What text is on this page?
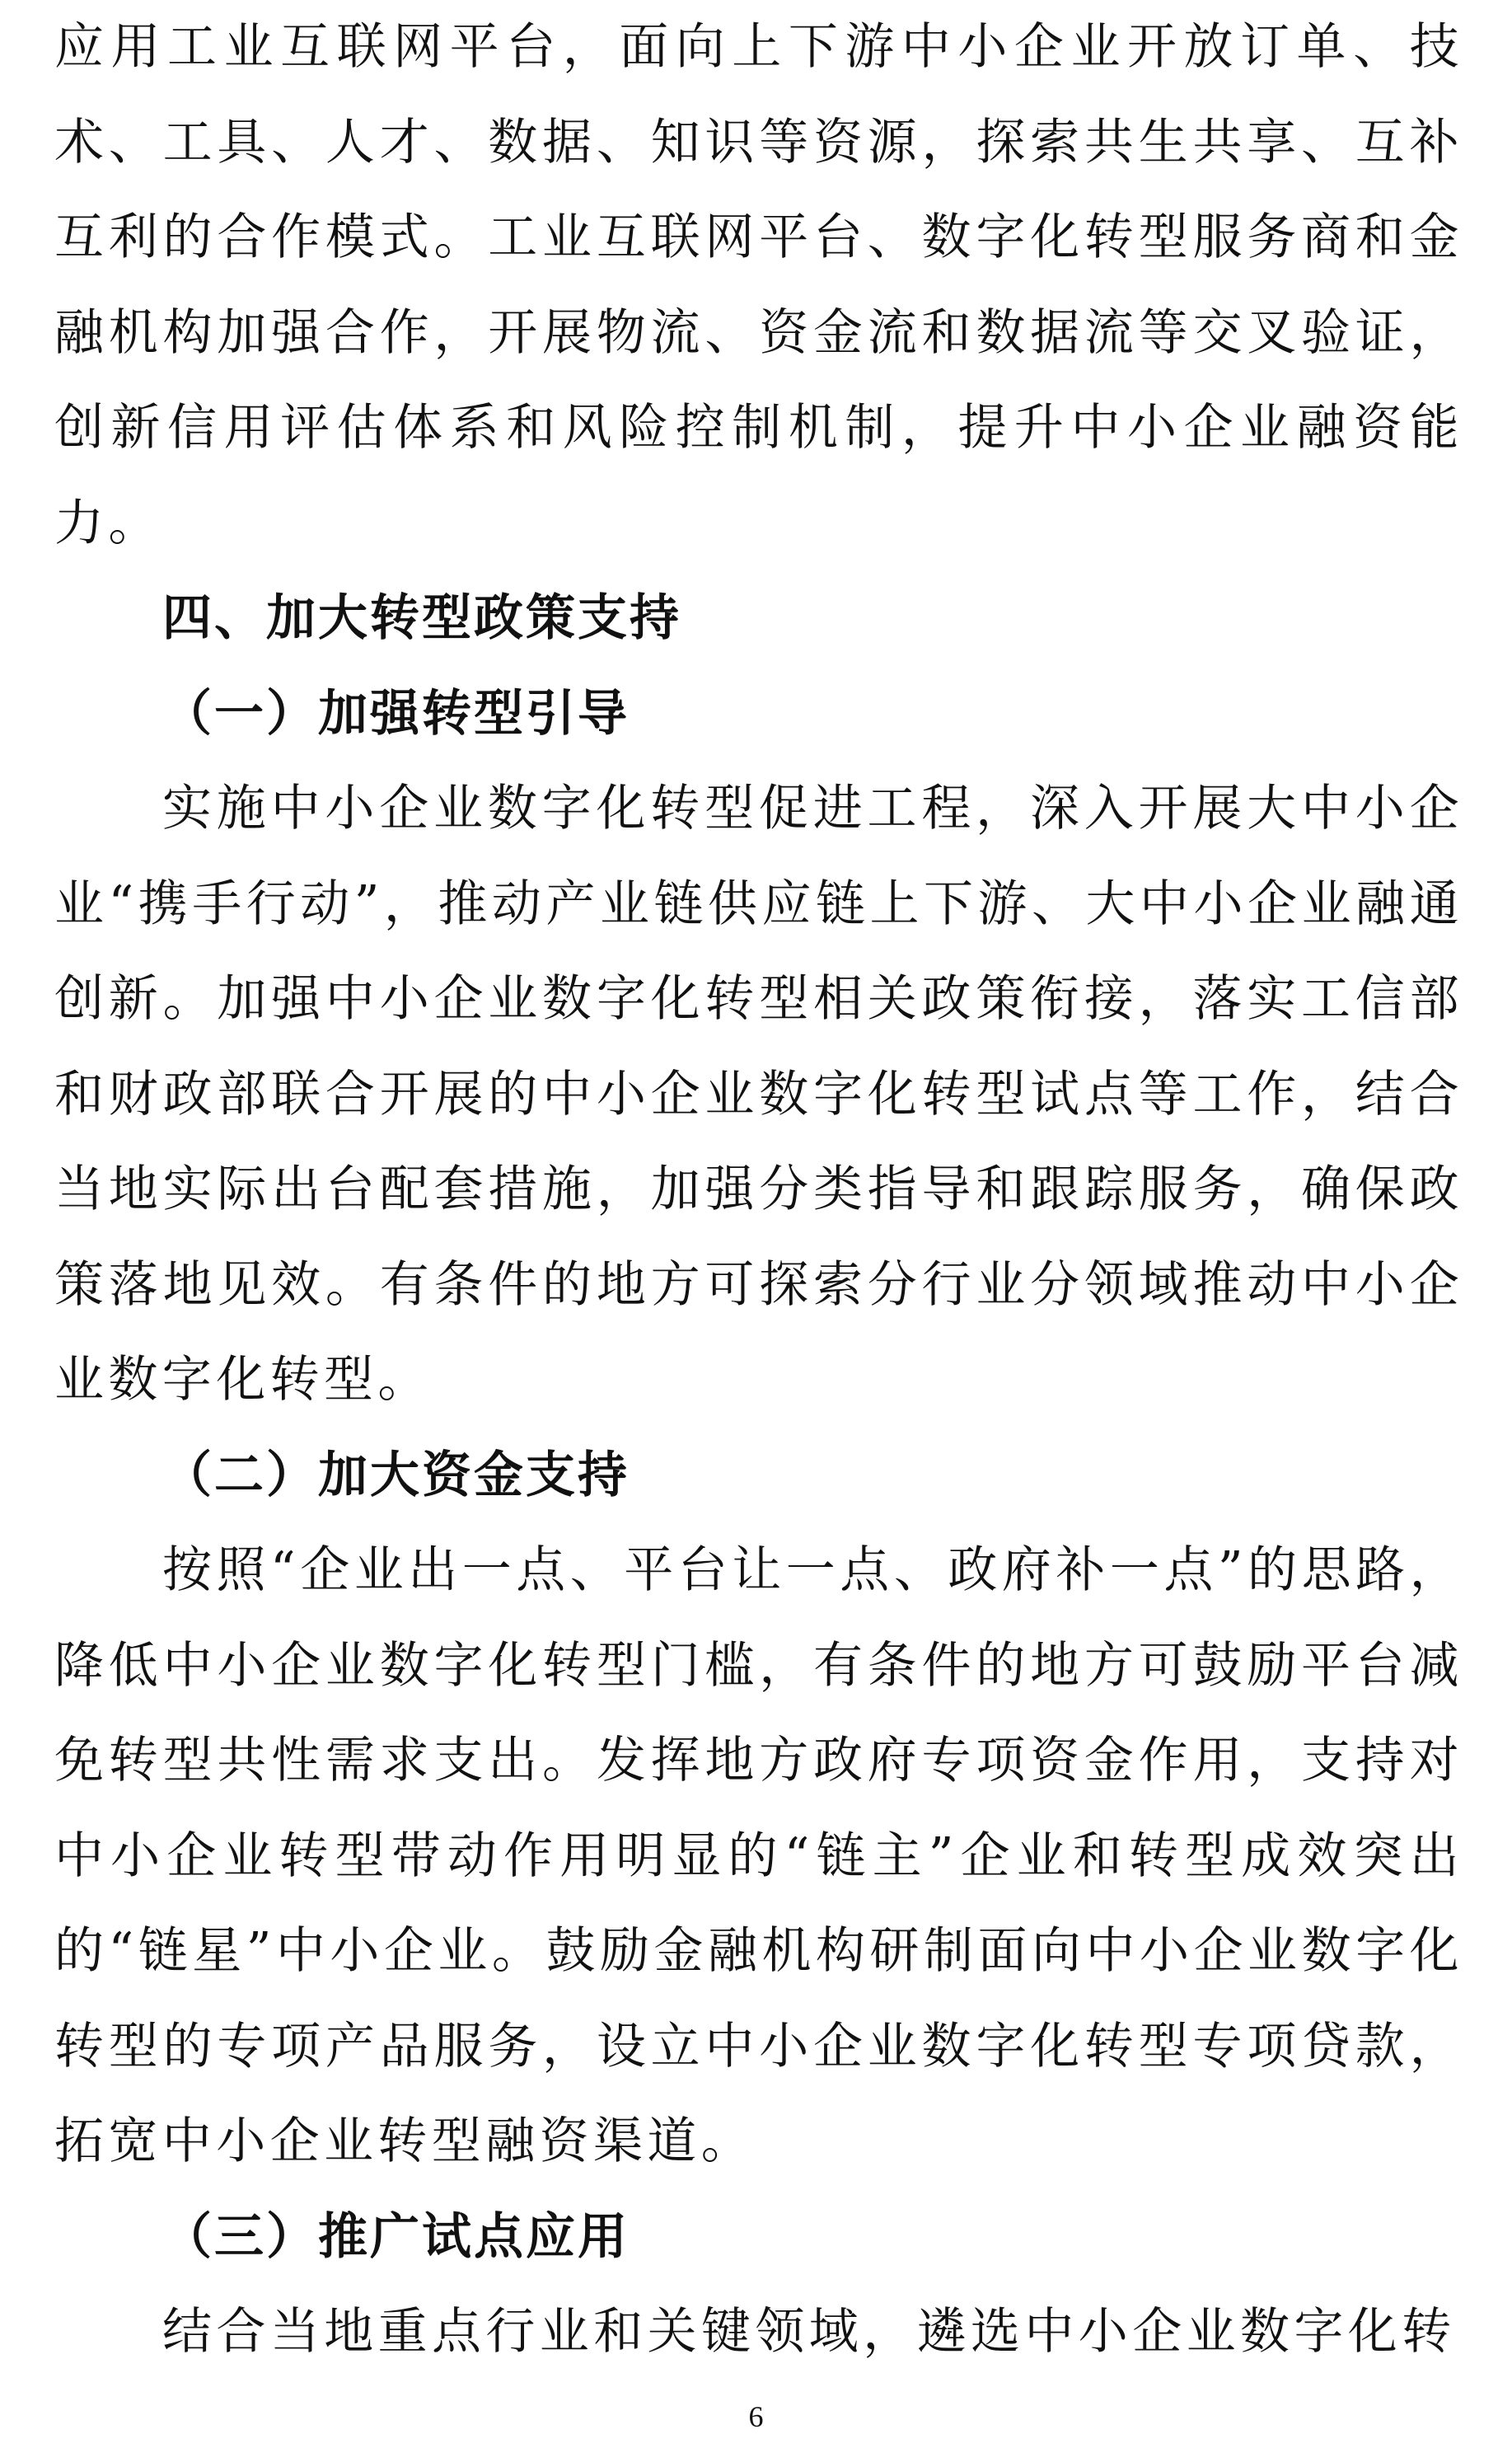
应用工业互联网平台，面向上下游中小企业开放订单、技术、工具、人才、数据、知识等资源，探索共生共享、互补互利的合作模式。工业互联网平台、数字化转型服务商和金融机构加强合作，开展物流、资金流和数据流等交叉验证，创新信用评估体系和风险控制机制，提升中小企业融资能力。

四、加大转型政策支持

（一）加强转型引导

实施中小企业数字化转型促进工程，深入开展大中小企业“携手行动”，推动产业链供应链上下游、大中小企业融通创新。加强中小企业数字化转型相关政策衔接，落实工信部和财政部联合开展的中小企业数字化转型试点等工作，结合当地实际出台配套措施，加强分类指导和跟踪服务，确保政策落地见效。有条件的地方可探索分行业分领域推动中小企业数字化转型。

（二）加大资金支持

按照“企业出一点、平台让一点、政府补一点”的思路，降低中小企业数字化转型门槛，有条件的地方可鼓励平台减免转型共性需求支出。发挥地方政府专项资金作用，支持对中小企业转型带动作用明显的“链主”企业和转型成效突出的“链星”中小企业。鼓励金融机构研制面向中小企业数字化转型的专项产品服务，设立中小企业数字化转型专项贷款，拓宽中小企业转型融资渠道。

（三）推广试点应用

结合当地重点行业和关键领域，遴选中小企业数字化转

6
